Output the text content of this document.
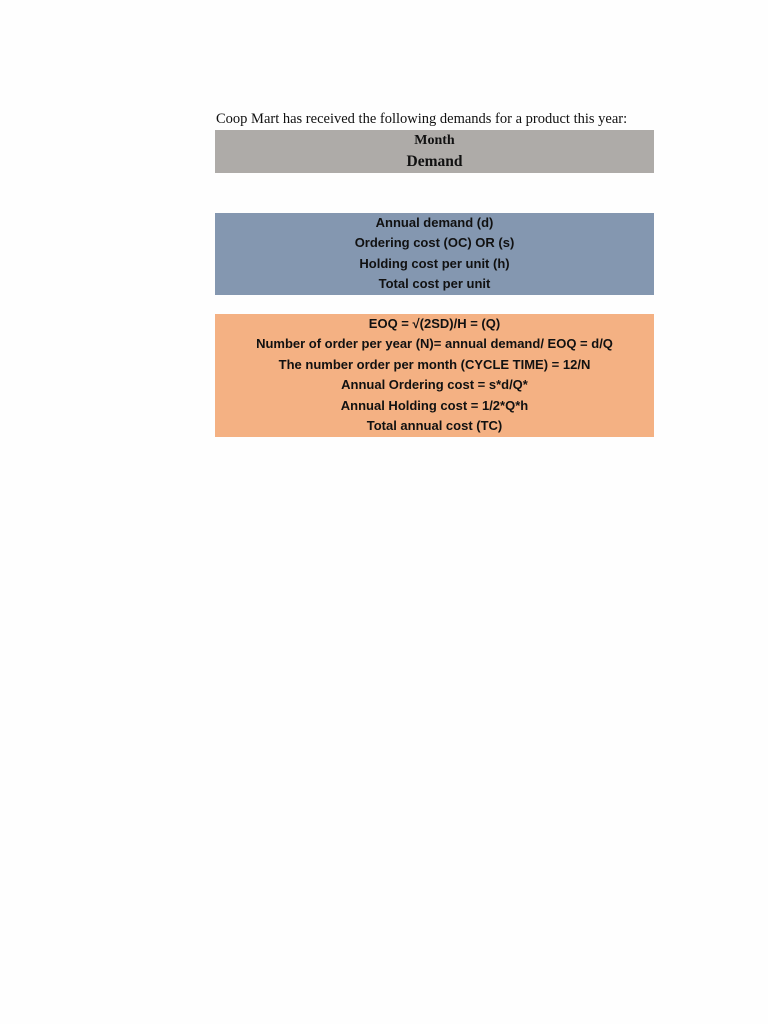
Coop Mart has received the following demands for a product this year:
Month
Demand
Annual demand (d)
Ordering cost (OC) OR (s)
Holding cost per unit (h)
Total cost per unit
EOQ = √(2SD)/H = (Q)
Number of order per year (N)= annual demand/ EOQ = d/Q
The number order per month (CYCLE TIME) = 12/N
Annual Ordering cost = s*d/Q*
Annual Holding cost = 1/2*Q*h
Total annual cost (TC)
